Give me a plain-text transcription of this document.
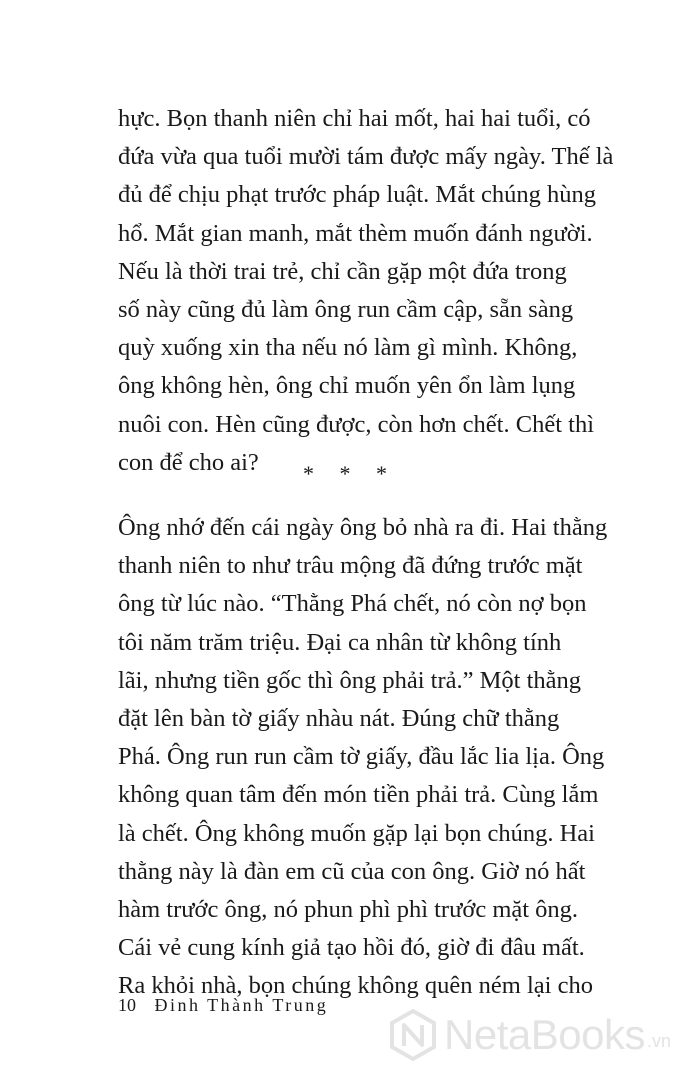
hực. Bọn thanh niên chỉ hai mốt, hai hai tuổi, có
đứa vừa qua tuổi mười tám được mấy ngày. Thế là
đủ để chịu phạt trước pháp luật. Mắt chúng hùng
hổ. Mắt gian manh, mắt thèm muốn đánh người.
Nếu là thời trai trẻ, chỉ cần gặp một đứa trong
số này cũng đủ làm ông run cầm cập, sẵn sàng
quỳ xuống xin tha nếu nó làm gì mình. Không,
ông không hèn, ông chỉ muốn yên ổn làm lụng
nuôi con. Hèn cũng được, còn hơn chết. Chết thì
con để cho ai?	* * *
Ông nhớ đến cái ngày ông bỏ nhà ra đi. Hai thằng
thanh niên to như trâu mộng đã đứng trước mặt
ông từ lúc nào. “Thằng Phá chết, nó còn nợ bọn
tôi năm trăm triệu. Đại ca nhân từ không tính
lãi, nhưng tiền gốc thì ông phải trả.” Một thằng
đặt lên bàn tờ giấy nhàu nát. Đúng chữ thằng
Phá. Ông run run cầm tờ giấy, đầu lắc lia lịa. Ông
không quan tâm đến món tiền phải trả. Cùng lắm
là chết. Ông không muốn gặp lại bọn chúng. Hai
thằng này là đàn em cũ của con ông. Giờ nó hất
hàm trước ông, nó phun phì phì trước mặt ông.
Cái vẻ cung kính giả tạo hồi đó, giờ đi đâu mất.
Ra khỏi nhà, bọn chúng không quên ném lại cho
10 Đinh Thành Trung
NetaBooks .vn
